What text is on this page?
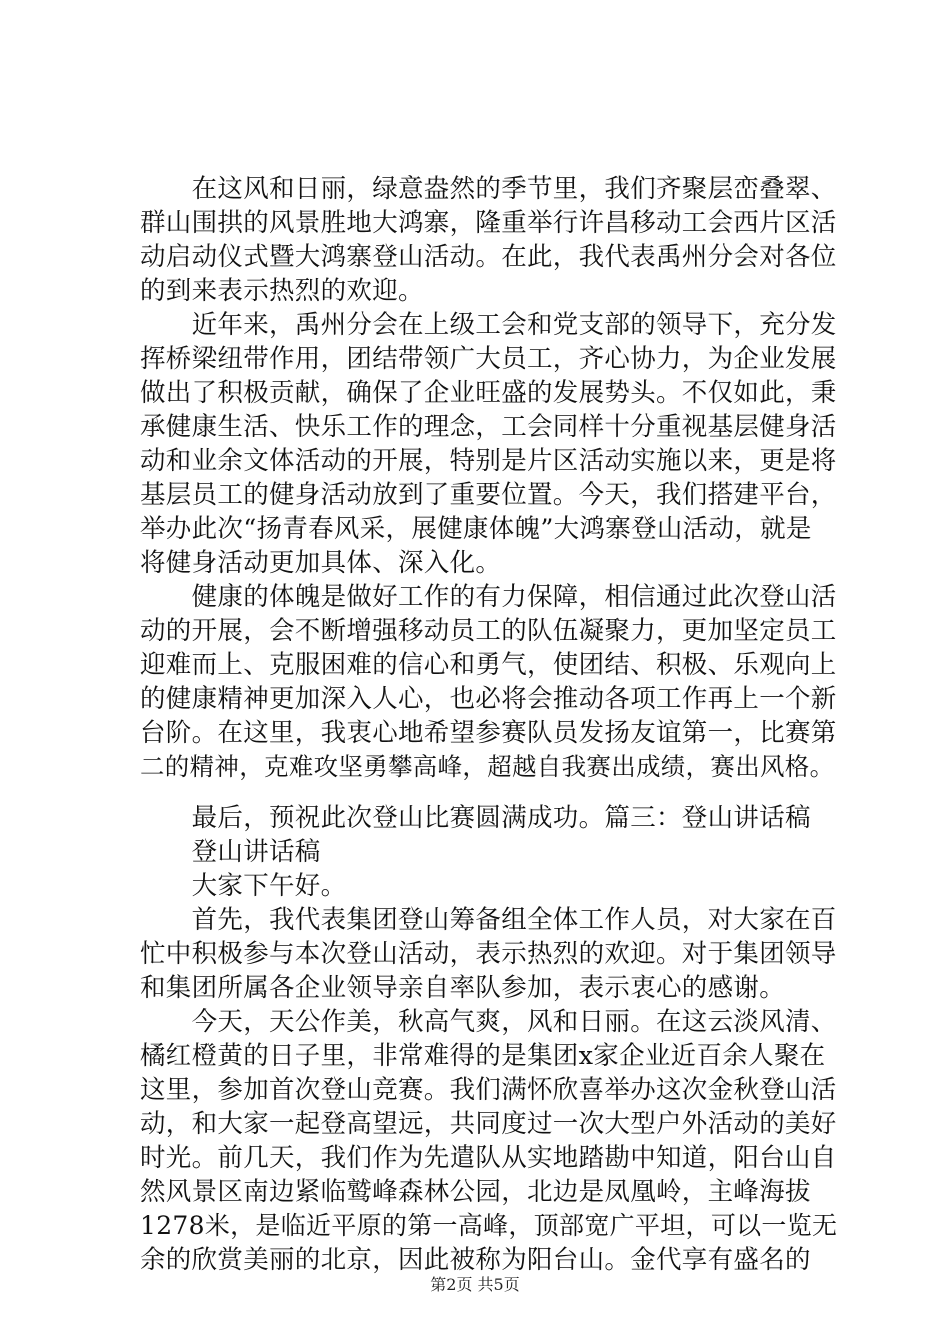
　　在这风和日丽，绿意盎然的季节里，我们齐聚层峦叠翠、
群山围拱的风景胜地大鸿寨，隆重举行许昌移动工会西片区活
动启动仪式暨大鸿寨登山活动。在此，我代表禹州分会对各位
的到来表示热烈的欢迎。
　　近年来，禹州分会在上级工会和党支部的领导下，充分发
挥桥梁纽带作用，团结带领广大员工，齐心协力，为企业发展
做出了积极贡献，确保了企业旺盛的发展势头。不仅如此，秉
承健康生活、快乐工作的理念，工会同样十分重视基层健身活
动和业余文体活动的开展，特别是片区活动实施以来，更是将
基层员工的健身活动放到了重要位置。今天，我们搭建平台，
举办此次“扬青春风采，展健康体魄”大鸿寨登山活动，就是
将健身活动更加具体、深入化。
　　健康的体魄是做好工作的有力保障，相信通过此次登山活
动的开展，会不断增强移动员工的队伍凝聚力，更加坚定员工
迎难而上、克服困难的信心和勇气，使团结、积极、乐观向上
的健康精神更加深入人心，也必将会推动各项工作再上一个新
台阶。在这里，我衷心地希望参赛队员发扬友谊第一，比赛第
二的精神，克难攻坚勇攀高峰，超越自我赛出成绩，赛出风格。
　　最后，预祝此次登山比赛圆满成功。篇三：登山讲话稿
　　登山讲话稿
　　大家下午好。
　　首先，我代表集团登山筹备组全体工作人员，对大家在百
忙中积极参与本次登山活动，表示热烈的欢迎。对于集团领导
和集团所属各企业领导亲自率队参加，表示衷心的感谢。
　　今天，天公作美，秋高气爽，风和日丽。在这云淡风清、
橘红橙黄的日子里，非常难得的是集团x家企业近百余人聚在
这里，参加首次登山竞赛。我们满怀欣喜举办这次金秋登山活
动，和大家一起登高望远，共同度过一次大型户外活动的美好
时光。前几天，我们作为先遣队从实地踏勘中知道，阳台山自
然风景区南边紧临鹫峰森林公园，北边是凤凰岭，主峰海拔
1278米，是临近平原的第一高峰，顶部宽广平坦，可以一览无
余的欣赏美丽的北京，因此被称为阳台山。金代享有盛名的
第2页 共5页
